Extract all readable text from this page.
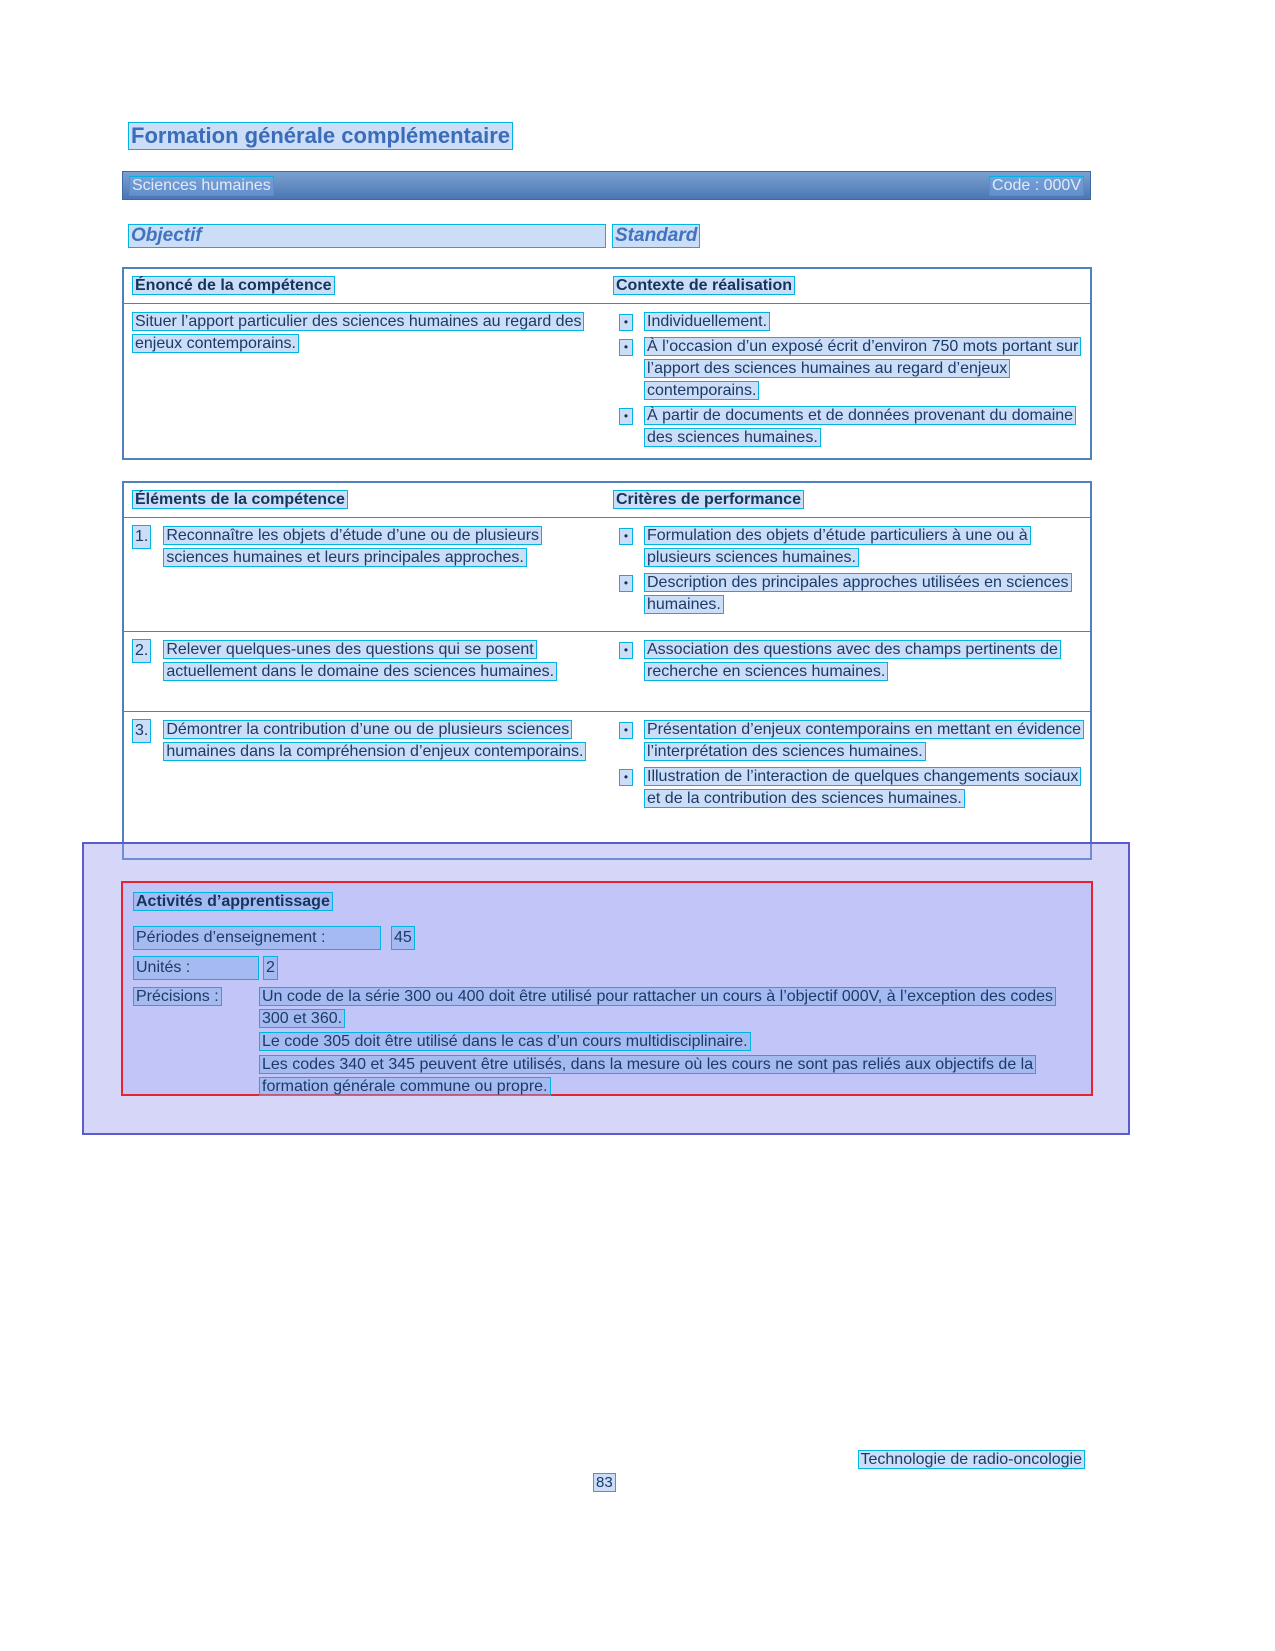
Formation générale complémentaire
Sciences humaines	Code : 000V
Objectif	Standard
Énoncé de la compétence	Contexte de réalisation
Situer l’apport particulier des sciences humaines au regard des enjeux contemporains.
•	Individuellement.
•	À l’occasion d’un exposé écrit d’environ 750 mots portant sur l’apport des sciences humaines au regard d’enjeux contemporains.
•	À partir de documents et de données provenant du domaine des sciences humaines.
Éléments de la compétence	Critères de performance
1. Reconnaître les objets d’étude d’une ou de plusieurs sciences humaines et leurs principales approches.
•	Formulation des objets d’étude particuliers à une ou à plusieurs sciences humaines.
•	Description des principales approches utilisées en sciences humaines.
2. Relever quelques-unes des questions qui se posent actuellement dans le domaine des sciences humaines.
•	Association des questions avec des champs pertinents de recherche en sciences humaines.
3. Démontrer la contribution d’une ou de plusieurs sciences humaines dans la compréhension d’enjeux contemporains.
•	Présentation d’enjeux contemporains en mettant en évidence l’interprétation des sciences humaines.
•	Illustration de l’interaction de quelques changements sociaux et de la contribution des sciences humaines.
Activités d’apprentissage
Périodes d’enseignement :	45
Unités :	2
Précisions :	Un code de la série 300 ou 400 doit être utilisé pour rattacher un cours à l’objectif 000V, à l’exception des codes 300 et 360.
Le code 305 doit être utilisé dans le cas d’un cours multidisciplinaire.
Les codes 340 et 345 peuvent être utilisés, dans la mesure où les cours ne sont pas reliés aux objectifs de la formation générale commune ou propre.
Technologie de radio-oncologie
83
